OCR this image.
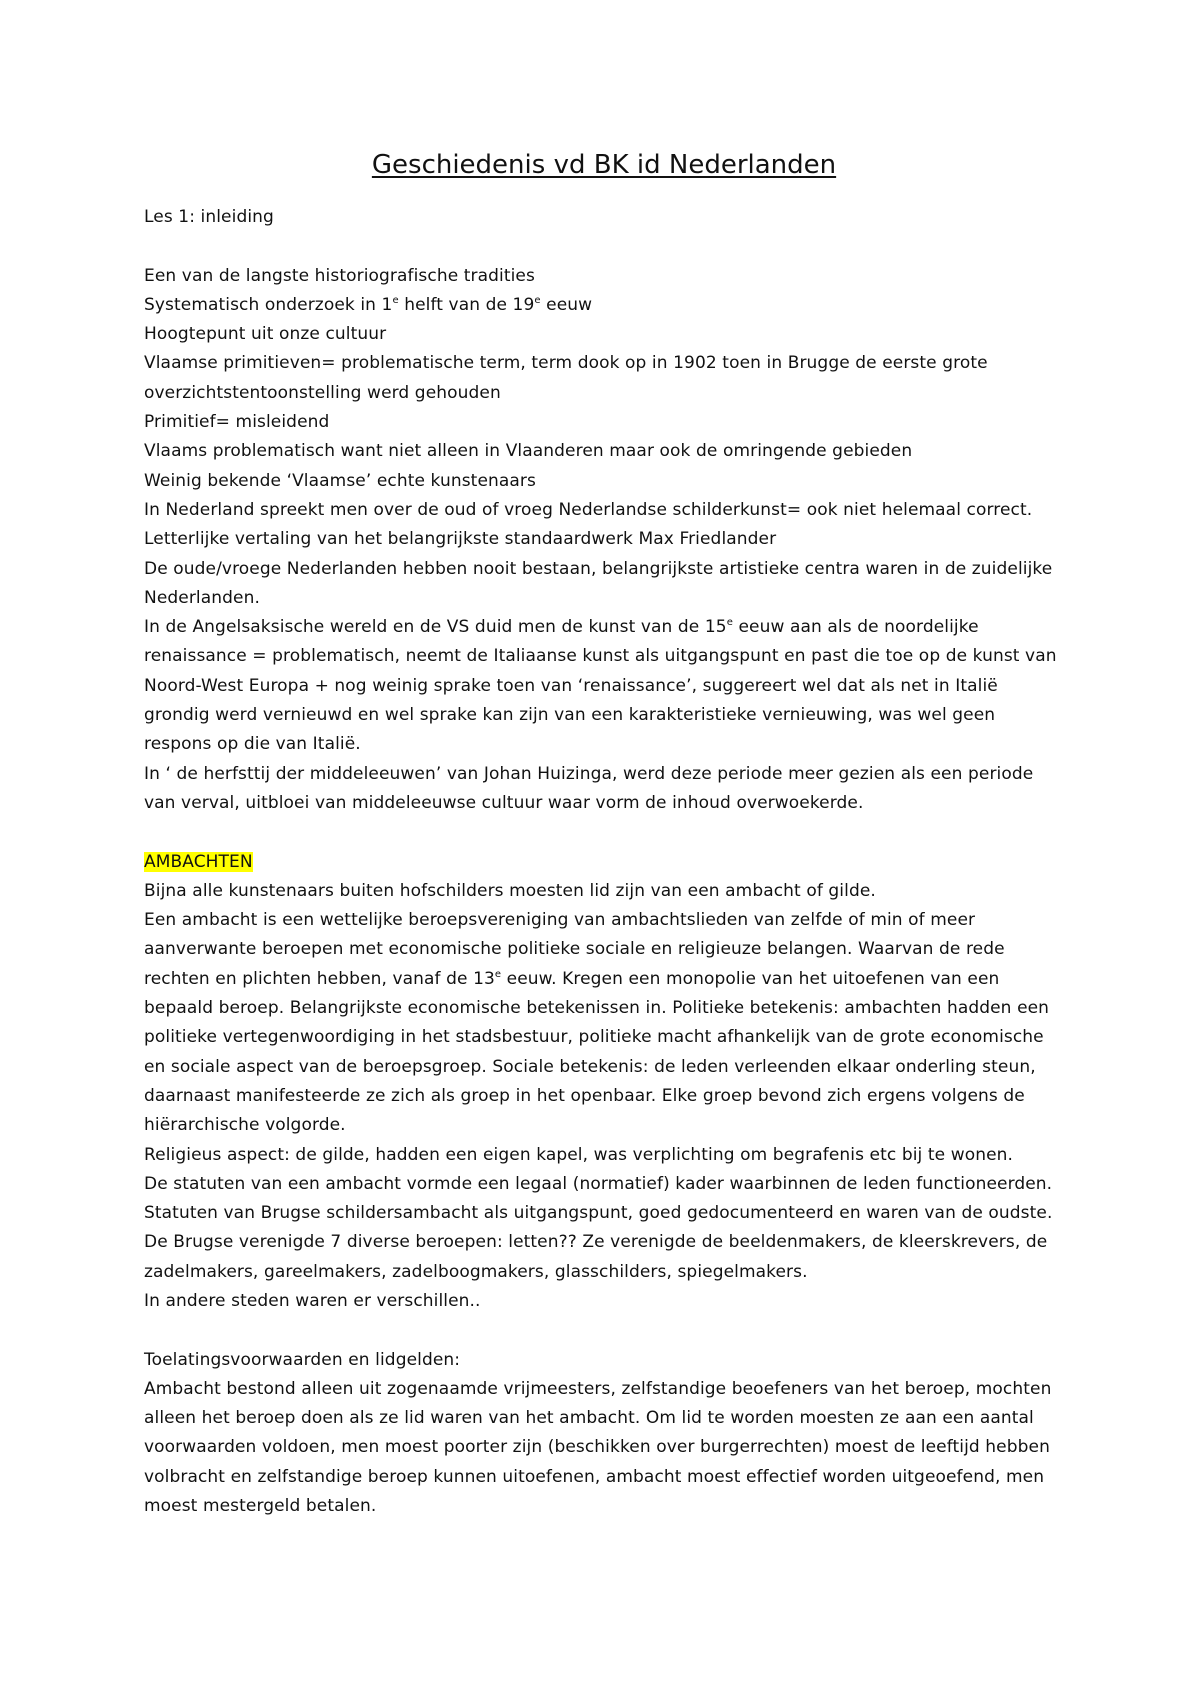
Geschiedenis vd BK id Nederlanden

Les 1: inleiding

Een van de langste historiografische tradities

Systematisch onderzoek in 1e helft van de 19e eeuw

Hoogtepunt uit onze cultuur

Vlaamse primitieven= problematische term, term dook op in 1902 toen in Brugge de eerste grote overzichtstentoonstelling werd gehouden

Primitief= misleidend

Vlaams problematisch want niet alleen in Vlaanderen maar ook de omringende gebieden

Weinig bekende ‘Vlaamse’ echte kunstenaars

In Nederland spreekt men over de oud of vroeg Nederlandse schilderkunst= ook niet helemaal correct. Letterlijke vertaling van het belangrijkste standaardwerk Max Friedlander

De oude/vroege Nederlanden hebben nooit bestaan, belangrijkste artistieke centra waren in de zuidelijke Nederlanden.

In de Angelsaksische wereld en de VS duid men de kunst van de 15e eeuw aan als de noordelijke renaissance = problematisch, neemt de Italiaanse kunst als uitgangspunt en past die toe op de kunst van Noord-West Europa + nog weinig sprake toen van ‘renaissance’, suggereert wel dat als net in Italië grondig werd vernieuwd en wel sprake kan zijn van een karakteristieke vernieuwing, was wel geen respons op die van Italië.

In ‘ de herfsttij der middeleeuwen’ van Johan Huizinga, werd deze periode meer gezien als een periode van verval, uitbloei van middeleeuwse cultuur waar vorm de inhoud overwoekerde.

AMBACHTEN

Bijna alle kunstenaars buiten hofschilders moesten lid zijn van een ambacht of gilde.

Een ambacht is een wettelijke beroepsvereniging van ambachtslieden van zelfde of min of meer aanverwante beroepen met economische politieke sociale en religieuze belangen. Waarvan de rede rechten en plichten hebben, vanaf de 13e eeuw. Kregen een monopolie van het uitoefenen van een bepaald beroep. Belangrijkste economische betekenissen in. Politieke betekenis: ambachten hadden een politieke vertegenwoordiging in het stadsbestuur, politieke macht afhankelijk van de grote economische en sociale aspect van de beroepsgroep. Sociale betekenis: de leden verleenden elkaar onderling steun, daarnaast manifesteerde ze zich als groep in het openbaar. Elke groep bevond zich ergens volgens de hiërarchische volgorde.

Religieus aspect: de gilde, hadden een eigen kapel, was verplichting om begrafenis etc bij te wonen.

De statuten van een ambacht vormde een legaal (normatief) kader waarbinnen de leden functioneerden.

Statuten van Brugse schildersambacht als uitgangspunt, goed gedocumenteerd en waren van de oudste. De Brugse verenigde 7 diverse beroepen: letten?? Ze verenigde de beeldenmakers, de kleerskrevers, de zadelmakers, gareelmakers, zadelboogmakers, glasschilders, spiegelmakers.

In andere steden waren er verschillen..

Toelatingsvoorwaarden en lidgelden:

Ambacht bestond alleen uit zogenaamde vrijmeesters, zelfstandige beoefeners van het beroep, mochten alleen het beroep doen als ze lid waren van het ambacht. Om lid te worden moesten ze aan een aantal voorwaarden voldoen, men moest poorter zijn (beschikken over burgerrechten) moest de leeftijd hebben volbracht en zelfstandige beroep kunnen uitoefenen, ambacht moest effectief worden uitgeoefend, men moest mestergeld betalen.
